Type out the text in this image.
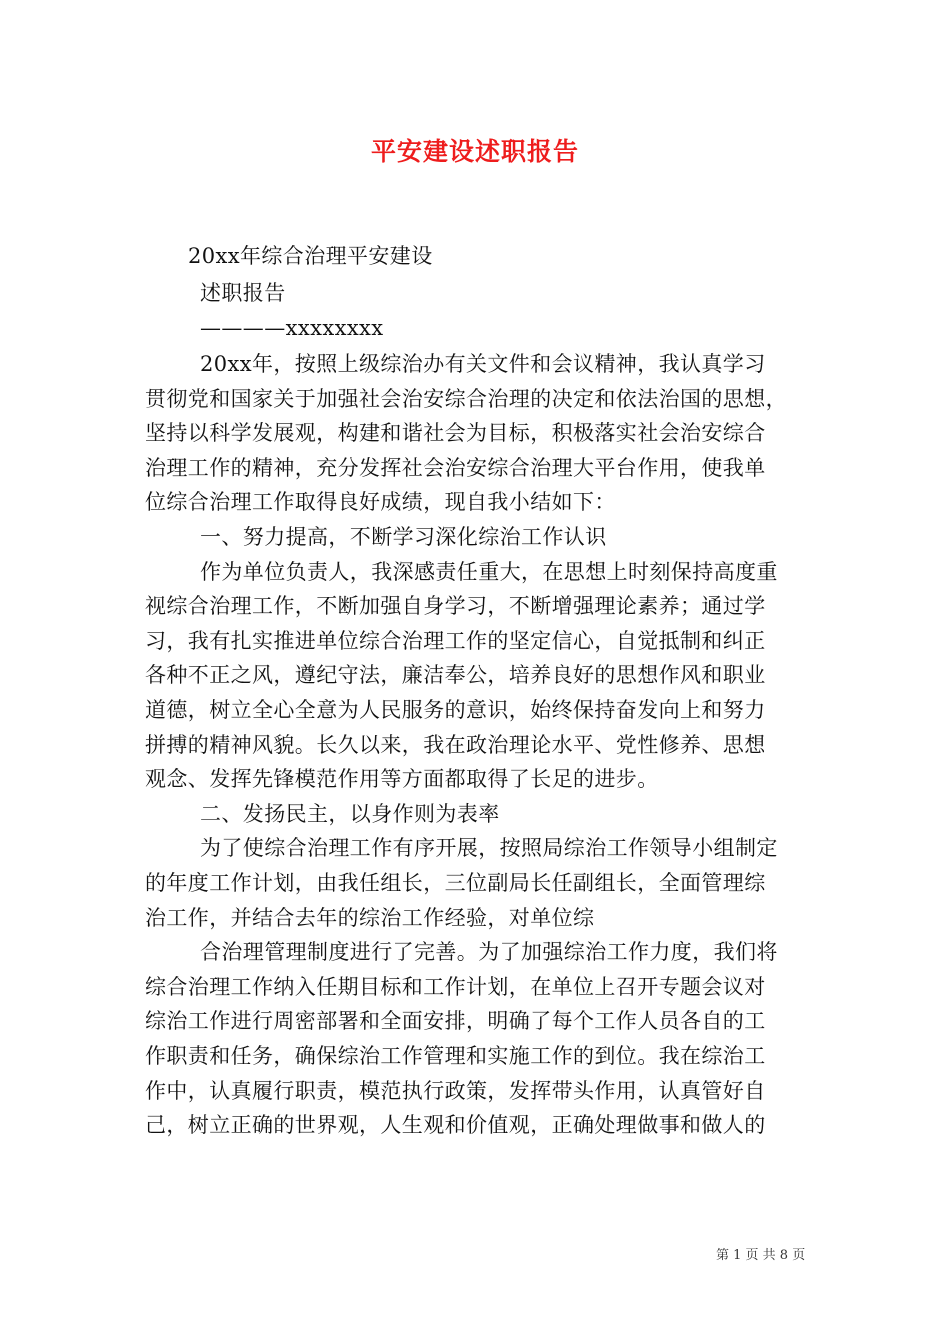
平安建设述职报告
20xx年综合治理平安建设
述职报告
————xxxxxxxx
20xx年，按照上级综治办有关文件和会议精神，我认真学习
贯彻党和国家关于加强社会治安综合治理的决定和依法治国的思想，
坚持以科学发展观，构建和谐社会为目标，积极落实社会治安综合
治理工作的精神，充分发挥社会治安综合治理大平台作用，使我单
位综合治理工作取得良好成绩，现自我小结如下：
一、努力提高，不断学习深化综治工作认识
作为单位负责人，我深感责任重大，在思想上时刻保持高度重
视综合治理工作，不断加强自身学习，不断增强理论素养；通过学
习，我有扎实推进单位综合治理工作的坚定信心，自觉抵制和纠正
各种不正之风，遵纪守法，廉洁奉公，培养良好的思想作风和职业
道德，树立全心全意为人民服务的意识，始终保持奋发向上和努力
拼搏的精神风貌。长久以来，我在政治理论水平、党性修养、思想
观念、发挥先锋模范作用等方面都取得了长足的进步。
二、发扬民主，以身作则为表率
为了使综合治理工作有序开展，按照局综治工作领导小组制定
的年度工作计划，由我任组长，三位副局长任副组长，全面管理综
治工作，并结合去年的综治工作经验，对单位综
合治理管理制度进行了完善。为了加强综治工作力度，我们将
综合治理工作纳入任期目标和工作计划，在单位上召开专题会议对
综治工作进行周密部署和全面安排，明确了每个工作人员各自的工
作职责和任务，确保综治工作管理和实施工作的到位。我在综治工
作中，认真履行职责，模范执行政策，发挥带头作用，认真管好自
己，树立正确的世界观，人生观和价值观，正确处理做事和做人的
第 1 页 共 8 页
